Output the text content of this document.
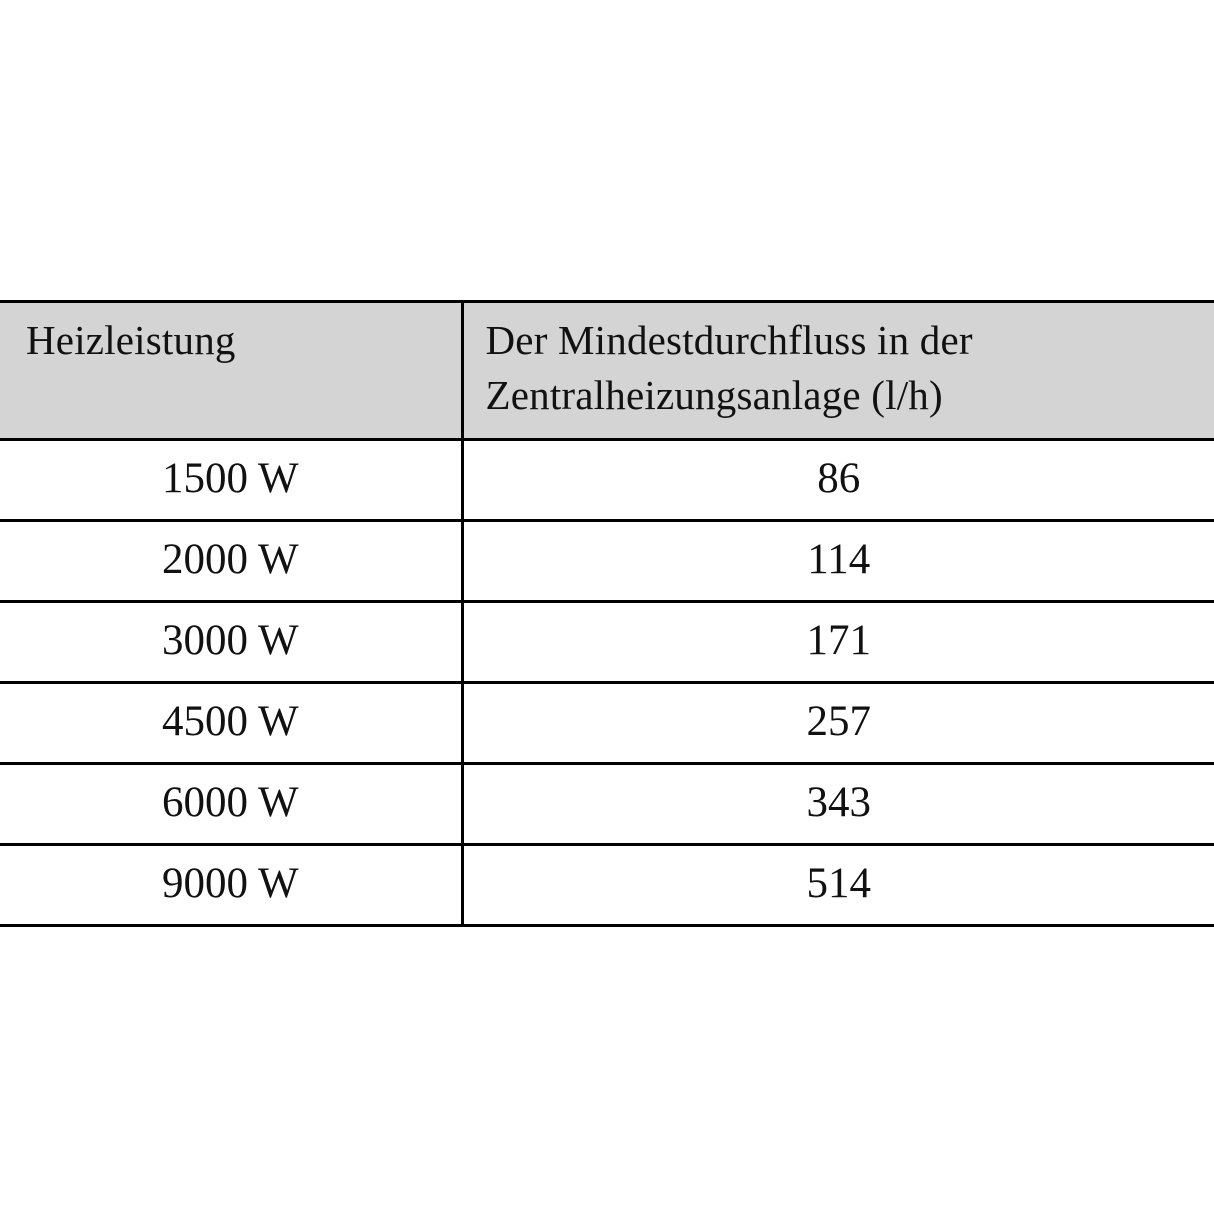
Heizleistung	Der Mindestdurchfluss in der Zentralheizungsanlage (l/h)
1500 W	86
2000 W	114
3000 W	171
4500 W	257
6000 W	343
9000 W	514
